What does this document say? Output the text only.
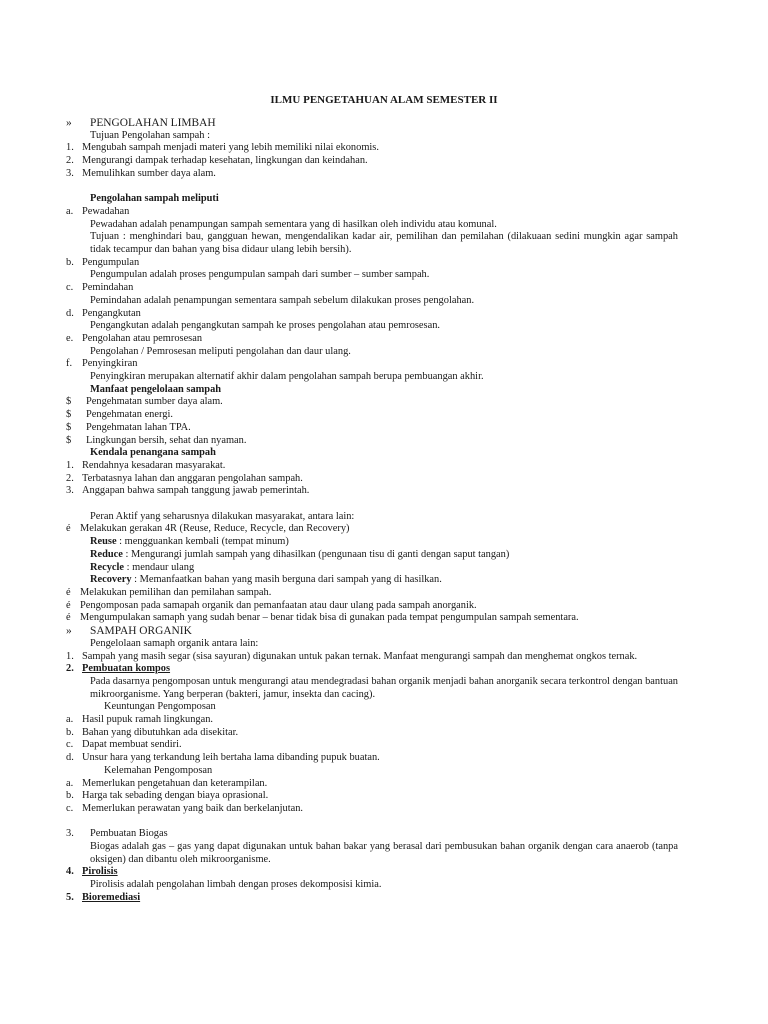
ILMU PENGETAHUAN ALAM SEMESTER II
»	PENGOLAHAN LIMBAH
Tujuan Pengolahan sampah :
1. Mengubah sampah menjadi materi yang lebih memiliki nilai ekonomis.
2. Mengurangi dampak terhadap kesehatan, lingkungan dan keindahan.
3. Memulihkan sumber daya alam.
Pengolahan sampah meliputi
a. Pewadahan
Pewadahan adalah penampungan sampah sementara yang di hasilkan oleh individu atau komunal.
Tujuan : menghindari bau, gangguan hewan, mengendalikan kadar air, pemilihan dan pemilahan (dilakuaan sedini mungkin agar sampah tidak tecampur dan bahan yang bisa didaur ulang lebih bersih).
b. Pengumpulan
Pengumpulan adalah proses pengumpulan sampah dari sumber – sumber sampah.
c. Pemindahan
Pemindahan adalah penampungan sementara sampah sebelum dilakukan proses pengolahan.
d. Pengangkutan
Pengangkutan adalah pengangkutan sampah ke proses pengolahan atau pemrosesan.
e. Pengolahan atau pemrosesan
Pengolahan / Pemrosesan meliputi pengolahan dan daur ulang.
f. Penyingkiran
Penyingkiran merupakan alternatif akhir dalam pengolahan sampah berupa pembuangan akhir.
Manfaat pengelolaan sampah
$	Pengehmatan sumber daya alam.
$	Pengehmatan energi.
$	Pengehmatan lahan TPA.
$	Lingkungan bersih, sehat dan nyaman.
Kendala penangana sampah
1. Rendahnya kesadaran masyarakat.
2. Terbatasnya lahan dan anggaran pengolahan sampah.
3. Anggapan bahwa sampah tanggung jawab pemerintah.
Peran Aktif yang seharusnya dilakukan masyarakat, antara lain:
é Melakukan gerakan 4R (Reuse, Reduce, Recycle, dan Recovery)
Reuse : mengguankan kembali (tempat minum)
Reduce : Mengurangi jumlah sampah yang dihasilkan (pengunaan tisu di ganti dengan saput tangan)
Recycle : mendaur ulang
Recovery : Memanfaatkan bahan yang masih berguna dari sampah yang di hasilkan.
é Melakukan pemilihan dan pemilahan sampah.
é Pengomposan pada samapah organik dan pemanfaatan atau daur ulang pada sampah anorganik.
é Mengumpulakan samaph yang sudah benar – benar tidak bisa di gunakan pada tempat pengumpulan sampah sementara.
»	SAMPAH ORGANIK
Pengelolaan samaph organik antara lain:
1. Sampah yang masih segar (sisa sayuran) digunakan untuk pakan ternak. Manfaat mengurangi sampah dan menghemat ongkos ternak.
2. Pembuatan kompos
Pada dasarnya pengomposan untuk mengurangi atau mendegradasi bahan organik menjadi bahan anorganik secara terkontrol dengan bantuan mikroorganisme. Yang berperan (bakteri, jamur, insekta dan cacing).
Keuntungan Pengomposan
a. Hasil pupuk ramah lingkungan.
b. Bahan yang dibutuhkan ada disekitar.
c. Dapat membuat sendiri.
d. Unsur hara yang terkandung leih bertaha lama dibanding pupuk buatan.
Kelemahan Pengomposan
a. Memerlukan pengetahuan dan keterampilan.
b. Harga tak sebading dengan biaya oprasional.
c. Memerlukan perawatan yang baik dan berkelanjutan.
3.	Pembuatan Biogas
Biogas adalah gas – gas yang dapat digunakan untuk bahan bakar yang berasal dari pembusukan bahan organik dengan cara anaerob (tanpa oksigen) dan dibantu oleh mikroorganisme.
4. Pirolisis
Pirolisis adalah pengolahan limbah dengan proses dekomposisi kimia.
5. Bioremediasi
